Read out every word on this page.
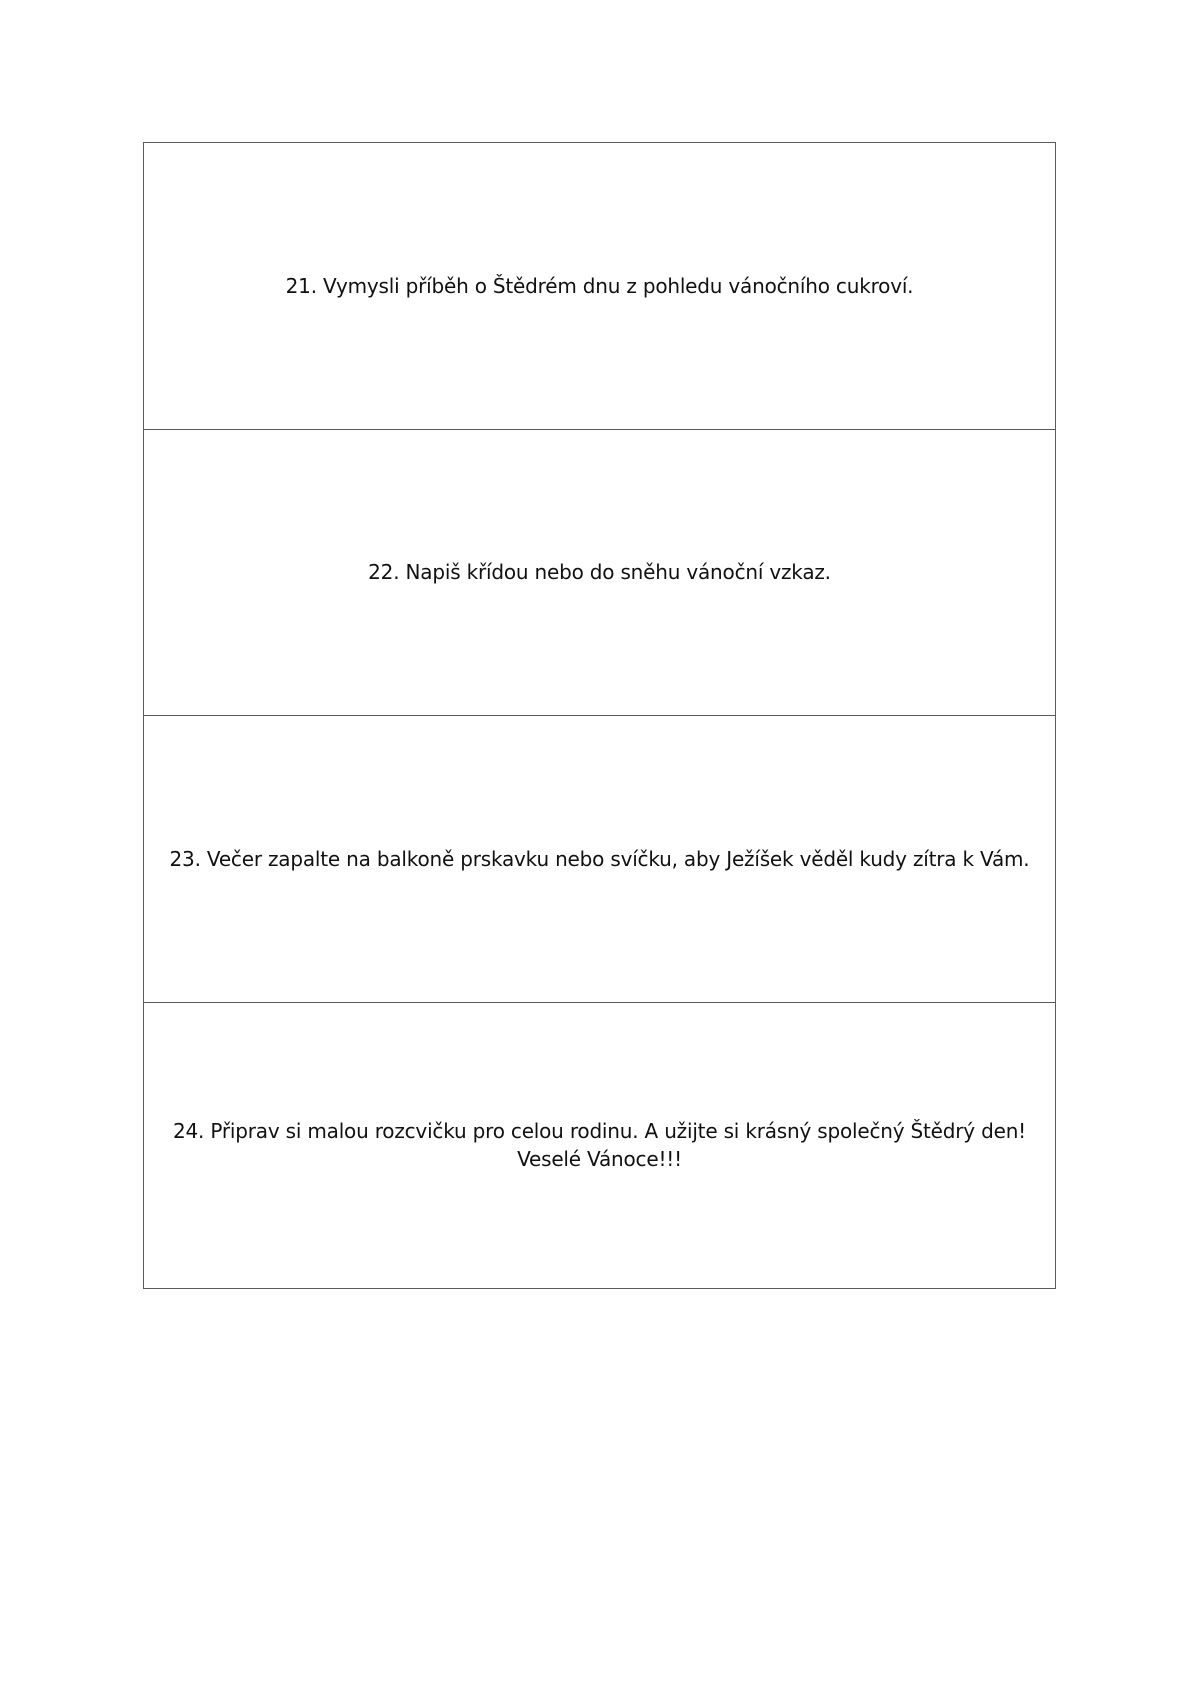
21. Vymysli příběh o Štědrém dnu z pohledu vánočního cukroví.
22. Napiš křídou nebo do sněhu vánoční vzkaz.
23. Večer zapalte na balkoně prskavku nebo svíčku, aby Ježíšek věděl kudy zítra k Vám.
24. Připrav si malou rozcvičku pro celou rodinu. A užijte si krásný společný Štědrý den!
Veselé Vánoce!!!
